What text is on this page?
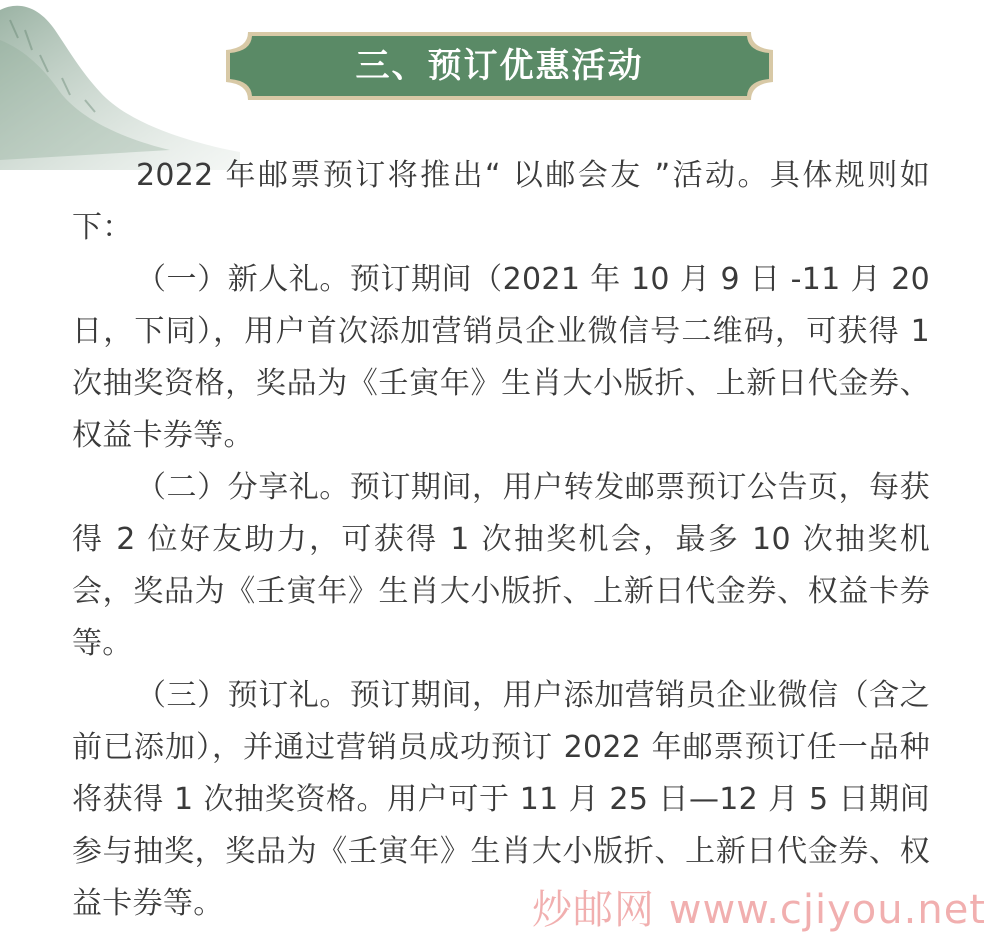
三、预订优惠活动

2022 年邮票预订将推出“ 以邮会友 ”活动。具体规则如下：

（一）新人礼。预订期间（2021 年 10 月 9 日 -11 月 20 日，下同），用户首次添加营销员企业微信号二维码，可获得 1 次抽奖资格，奖品为《壬寅年》生肖大小版折、上新日代金券、权益卡券等。

（二）分享礼。预订期间，用户转发邮票预订公告页，每获得 2 位好友助力，可获得 1 次抽奖机会，最多 10 次抽奖机会，奖品为《壬寅年》生肖大小版折、上新日代金券、权益卡券等。

（三）预订礼。预订期间，用户添加营销员企业微信（含之前已添加），并通过营销员成功预订 2022 年邮票预订任一品种将获得 1 次抽奖资格。用户可于 11 月 25 日—12 月 5 日期间参与抽奖，奖品为《壬寅年》生肖大小版折、上新日代金券、权益卡券等。	炒邮网 www.cjiyou.net
